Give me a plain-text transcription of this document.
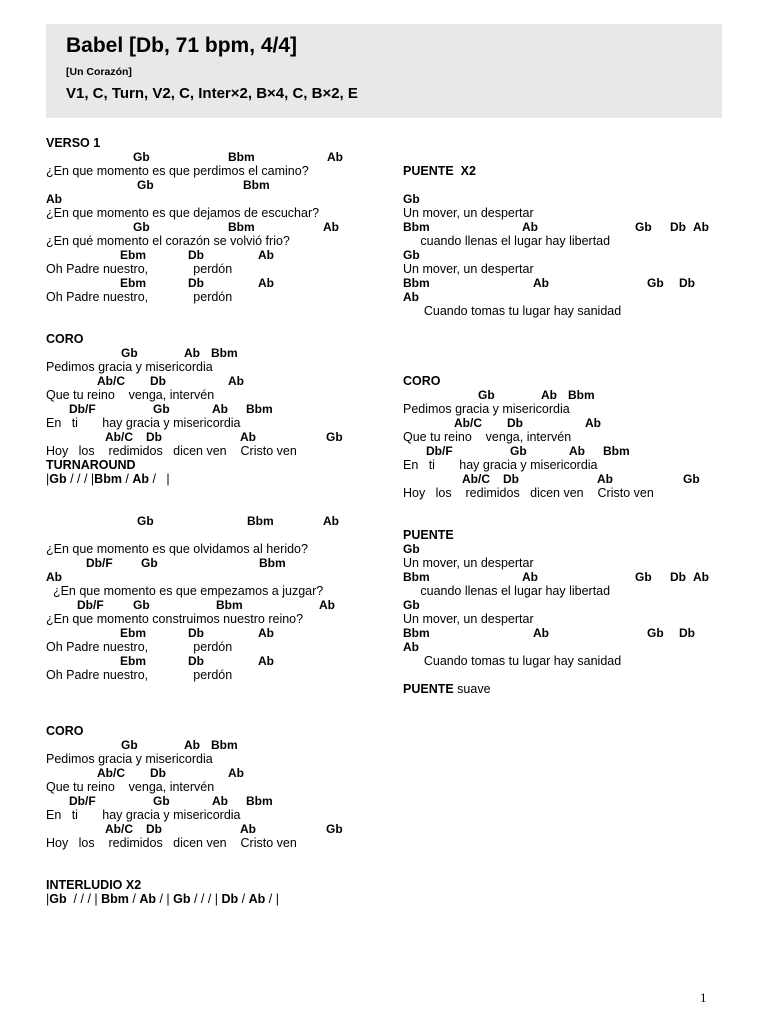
Babel [Db, 71 bpm, 4/4]
[Un Corazón]
V1, C, Turn, V2, C, Inter×2, B×4, C, B×2, E
VERSO 1
Gb	Bbm	Ab
¿En que momento es que perdimos el camino?
Gb	Bbm
Ab
¿En que momento es que dejamos de escuchar?
Gb	Bbm	Ab
¿En qué momento el corazón se volvió frio?
Ebm	Db	Ab
Oh Padre nuestro,             perdón
Ebm	Db	Ab
Oh Padre nuestro,             perdón
CORO
Gb	Ab Bbm
Pedimos gracia y misericordia
Ab/C Db	Ab
Que tu reino    venga, intervén
Db/F	Gb	Ab Bbm
En   ti       hay gracia y misericordia
Ab/C Db	Ab	Gb
Hoy   los    redimidos   dicen ven    Cristo ven
TURNAROUND
|Gb / / / |Bbm / Ab /   |
Gb	Bbm	Ab
¿En que momento es que olvidamos al herido?
Db/F Gb	Bbm
Ab
¿En que momento es que empezamos a juzgar?
Db/F Gb	Bbm	Ab
¿En que momento construimos nuestro reino?
Ebm	Db	Ab
Oh Padre nuestro,             perdón
Ebm	Db	Ab
Oh Padre nuestro,             perdón
CORO
Gb	Ab Bbm
Pedimos gracia y misericordia
Ab/C Db	Ab
Que tu reino    venga, intervén
Db/F	Gb	Ab Bbm
En   ti       hay gracia y misericordia
Ab/C Db	Ab	Gb
Hoy   los    redimidos   dicen ven    Cristo ven
INTERLUDIO X2
|Gb  / / / | Bbm / Ab / | Gb / / / | Db / Ab / |
PUENTE  X2
Gb
Un mover, un despertar
Bbm	Ab	Gb Db Ab
cuando llenas el lugar hay libertad
Gb
Un mover, un despertar
Bbm	Ab	Gb Db
Ab
Cuando tomas tu lugar hay sanidad
CORO
Gb	Ab Bbm
Pedimos gracia y misericordia
Ab/C Db	Ab
Que tu reino    venga, intervén
Db/F	Gb	Ab Bbm
En   ti       hay gracia y misericordia
Ab/C Db	Ab	Gb
Hoy   los    redimidos   dicen ven    Cristo ven
PUENTE
Gb
Un mover, un despertar
Bbm	Ab	Gb Db Ab
cuando llenas el lugar hay libertad
Gb
Un mover, un despertar
Bbm	Ab	Gb Db
Ab
Cuando tomas tu lugar hay sanidad
PUENTE suave
1
